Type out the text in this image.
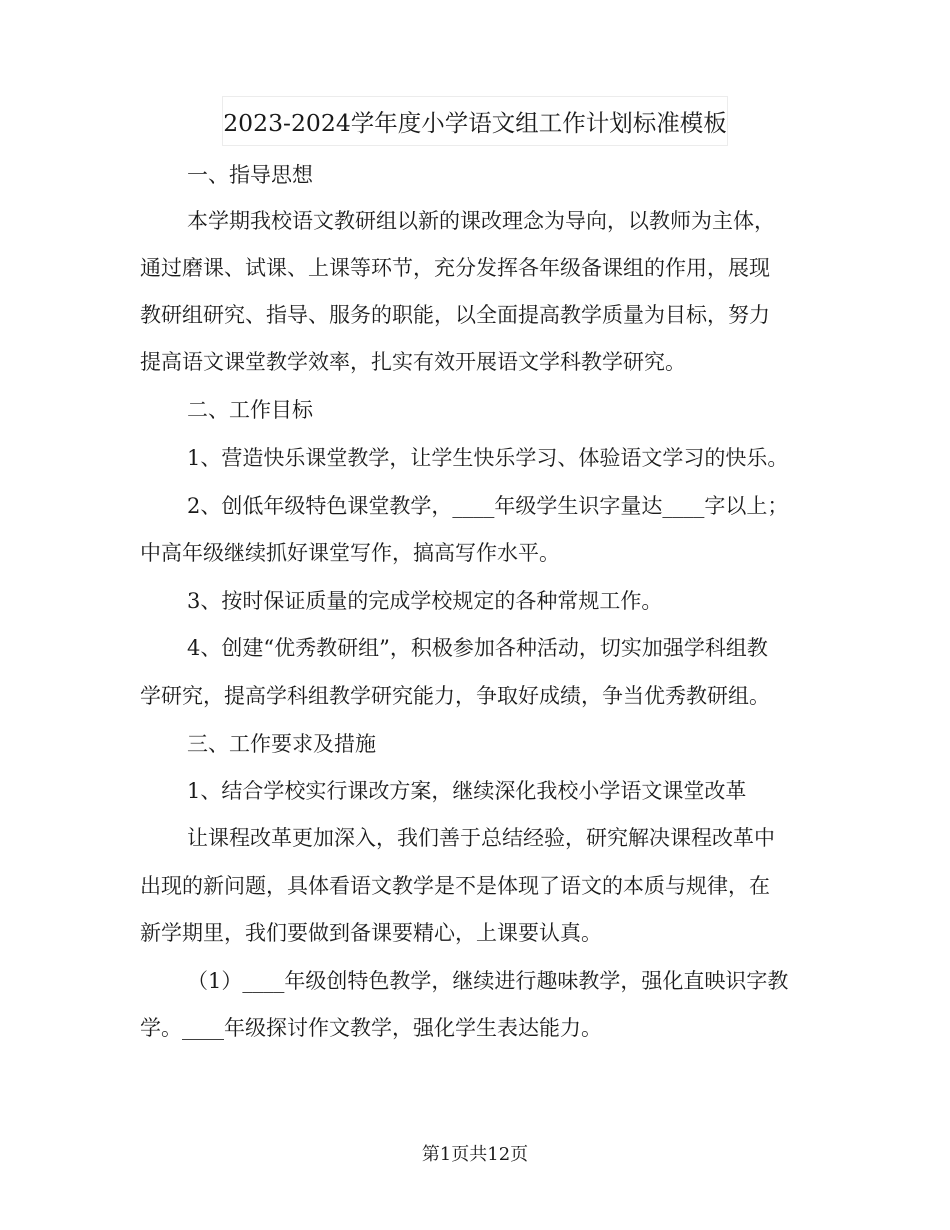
2023-2024学年度小学语文组工作计划标准模板
一、指导思想
本学期我校语文教研组以新的课改理念为导向，以教师为主体，
通过磨课、试课、上课等环节，充分发挥各年级备课组的作用，展现
教研组研究、指导、服务的职能，以全面提高教学质量为目标，努力
提高语文课堂教学效率，扎实有效开展语文学科教学研究。
二、工作目标
1、营造快乐课堂教学，让学生快乐学习、体验语文学习的快乐。
2、创低年级特色课堂教学，____年级学生识字量达____字以上；
中高年级继续抓好课堂写作，搞高写作水平。
3、按时保证质量的完成学校规定的各种常规工作。
4、创建“优秀教研组”，积极参加各种活动，切实加强学科组教
学研究，提高学科组教学研究能力，争取好成绩，争当优秀教研组。
三、工作要求及措施
1、结合学校实行课改方案，继续深化我校小学语文课堂改革
让课程改革更加深入，我们善于总结经验，研究解决课程改革中
出现的新问题，具体看语文教学是不是体现了语文的本质与规律，在
新学期里，我们要做到备课要精心，上课要认真。
（1）____年级创特色教学，继续进行趣味教学，强化直映识字教
学。____年级探讨作文教学，强化学生表达能力。
第1页共12页
